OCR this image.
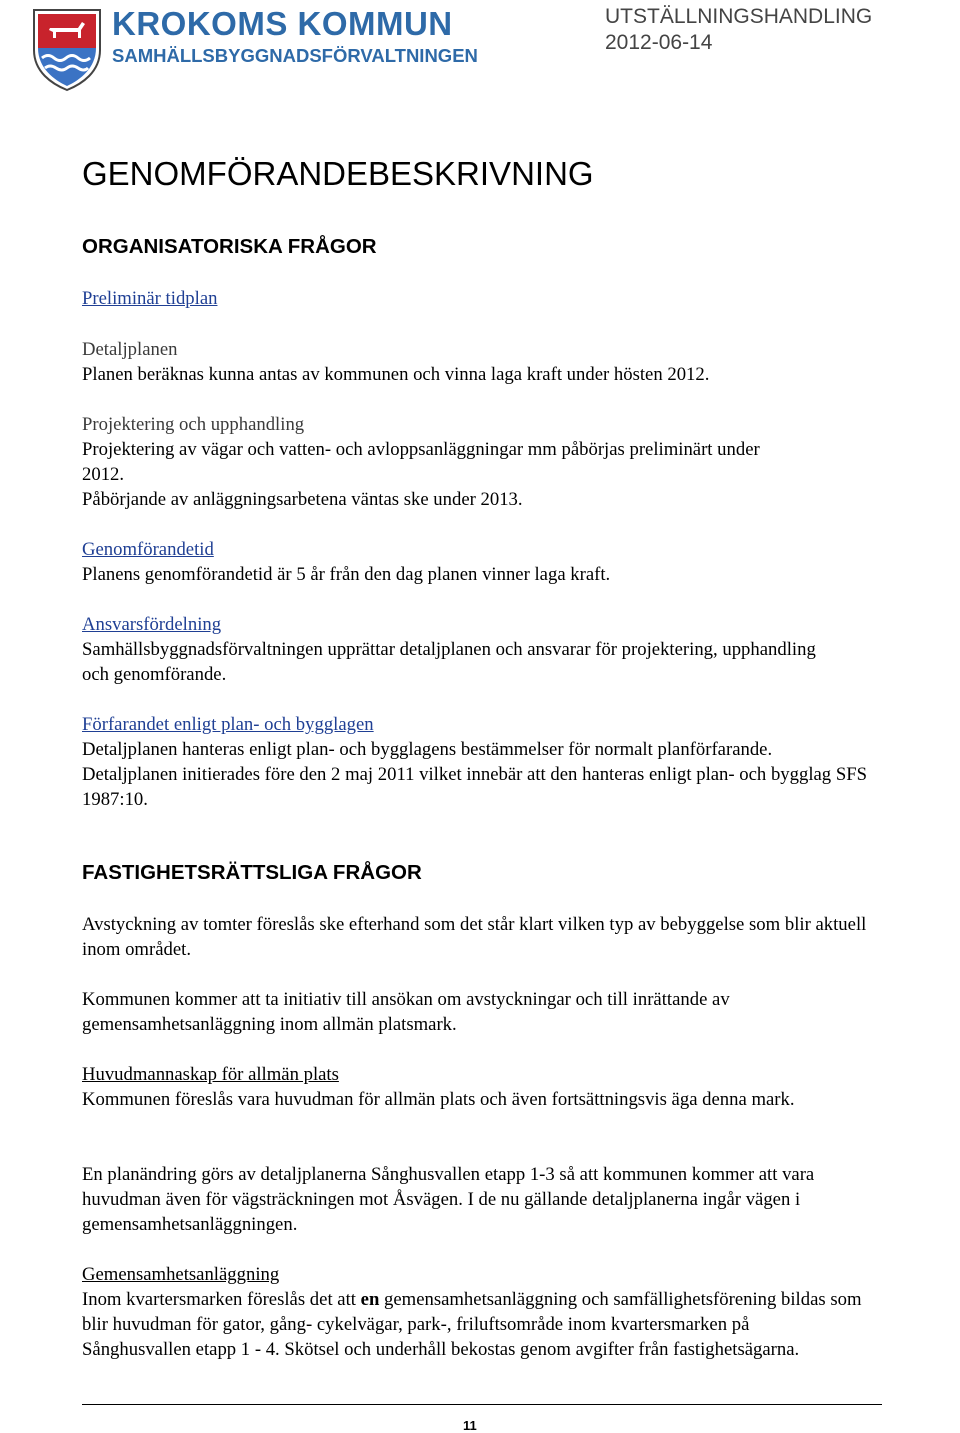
KROKOMS KOMMUN
SAMHÄLLSBYGGNADSFÖRVALTNINGEN
UTSTÄLLNINGSHANDLING
2012-06-14
GENOMFÖRANDEBESKRIVNING
ORGANISATORISKA FRÅGOR
Preliminär tidplan
Detaljplanen
Planen beräknas kunna antas av kommunen och vinna laga kraft under hösten 2012.
Projektering och upphandling
Projektering av vägar och vatten- och avloppsanläggningar mm påbörjas preliminärt under
2012.
Påbörjande av anläggningsarbetena väntas ske under 2013.
Genomförandetid
Planens genomförandetid är 5 år från den dag planen vinner laga kraft.
Ansvarsfördelning
Samhällsbyggnadsförvaltningen upprättar detaljplanen och ansvarar för projektering, upphandling och genomförande.
Förfarandet enligt plan- och bygglagen
Detaljplanen hanteras enligt plan- och bygglagens bestämmelser för normalt planförfarande.
Detaljplanen initierades före den 2 maj 2011 vilket innebär att den hanteras enligt plan- och bygglag SFS 1987:10.
FASTIGHETSRÄTTSLIGA FRÅGOR
Avstyckning av tomter föreslås ske efterhand som det står klart vilken typ av bebyggelse som blir aktuell inom området.
Kommunen kommer att ta initiativ till ansökan om avstyckningar och till inrättande av gemensamhetsanläggning inom allmän platsmark.
Huvudmannaskap för allmän plats
Kommunen föreslås vara huvudman för allmän plats och även fortsättningsvis äga denna mark.
En planändring görs av detaljplanerna Sånghusvallen etapp 1-3 så att kommunen kommer att vara huvudman även för vägsträckningen mot Åsvägen. I de nu gällande detaljplanerna ingår vägen i gemensamhetsanläggningen.
Gemensamhetsanläggning
Inom kvartersmarken föreslås det att en gemensamhetsanläggning och samfällighetsförening bildas som blir huvudman för gator, gång- cykelvägar, park-, friluftsområde inom kvartersmarken på Sånghusvallen etapp 1 - 4. Skötsel och underhåll bekostas genom avgifter från fastighetsägarna.
11
